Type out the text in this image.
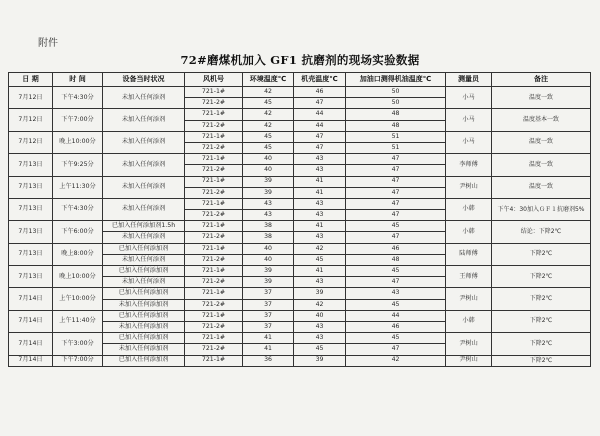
附件
72#磨煤机加入 GF1 抗磨剂的现场实验数据
日 期	时 间	设备当时状况	风机号	环境温度℃	机壳温度℃	加油口测得机油温度℃	测量员	备注
7月12日	下午4:30分	未加入任何添剂	721-1#	42	46	50	小马	温度一致
			721-2#	45	47	50		
7月12日	下午7:00分	未加入任何添剂	721-1#	42	44	48	小马	温度基本一致
			721-2#	42	44	48		
7月12日	晚上10:00分	未加入任何添剂	721-1#	45	47	51	小马	温度一致
			721-2#	45	47	51		
7月13日	下午9:25分	未加入任何添剂	721-1#	40	43	47	李师傅	温度一致
			721-2#	40	43	47		
7月13日	上午11:30分	未加入任何添剂	721-1#	39	41	47	尹树山	温度一致
			721-2#	39	41	47		
7月13日	下午4:30分	未加入任何添剂	721-1#	43	43	47	小韩	下午4：30加入ＧＦ１抗磨剂5%
			721-2#	43	43	47		
7月13日	下午6:00分	已加入任何添加剂1.5h	721-1#	38	41	45	小韩	结论：下降2℃
		未加入任何添剂	721-2#	38	43	47		
7月13日	晚上8:00分	已加入任何添加剂	721-1#	40	42	46	陆师傅	下降2℃
		未加入任何添剂	721-2#	40	45	48		
7月13日	晚上10:00分	已加入任何添加剂	721-1#	39	41	45	王师傅	下降2℃
		未加入任何添剂	721-2#	39	43	47		
7月14日	上午10:00分	已加入任何添加剂	721-1#	37	39	43	尹树山	下降2℃
		未加入任何添加剂	721-2#	37	42	45		
7月14日	上午11:40分	已加入任何添加剂	721-1#	37	40	44	小韩	下降2℃
		未加入任何添加剂	721-2#	37	43	46		
7月14日	下午3:00分	已加入任何添加剂	721-1#	41	43	45	尹树山	下降2℃
		未加入任何添加剂	721-2#	41	45	47		
7月14日	下午7:00分	已加入任何添加剂	721-1#	36	39	42	尹树山	下降2℃
